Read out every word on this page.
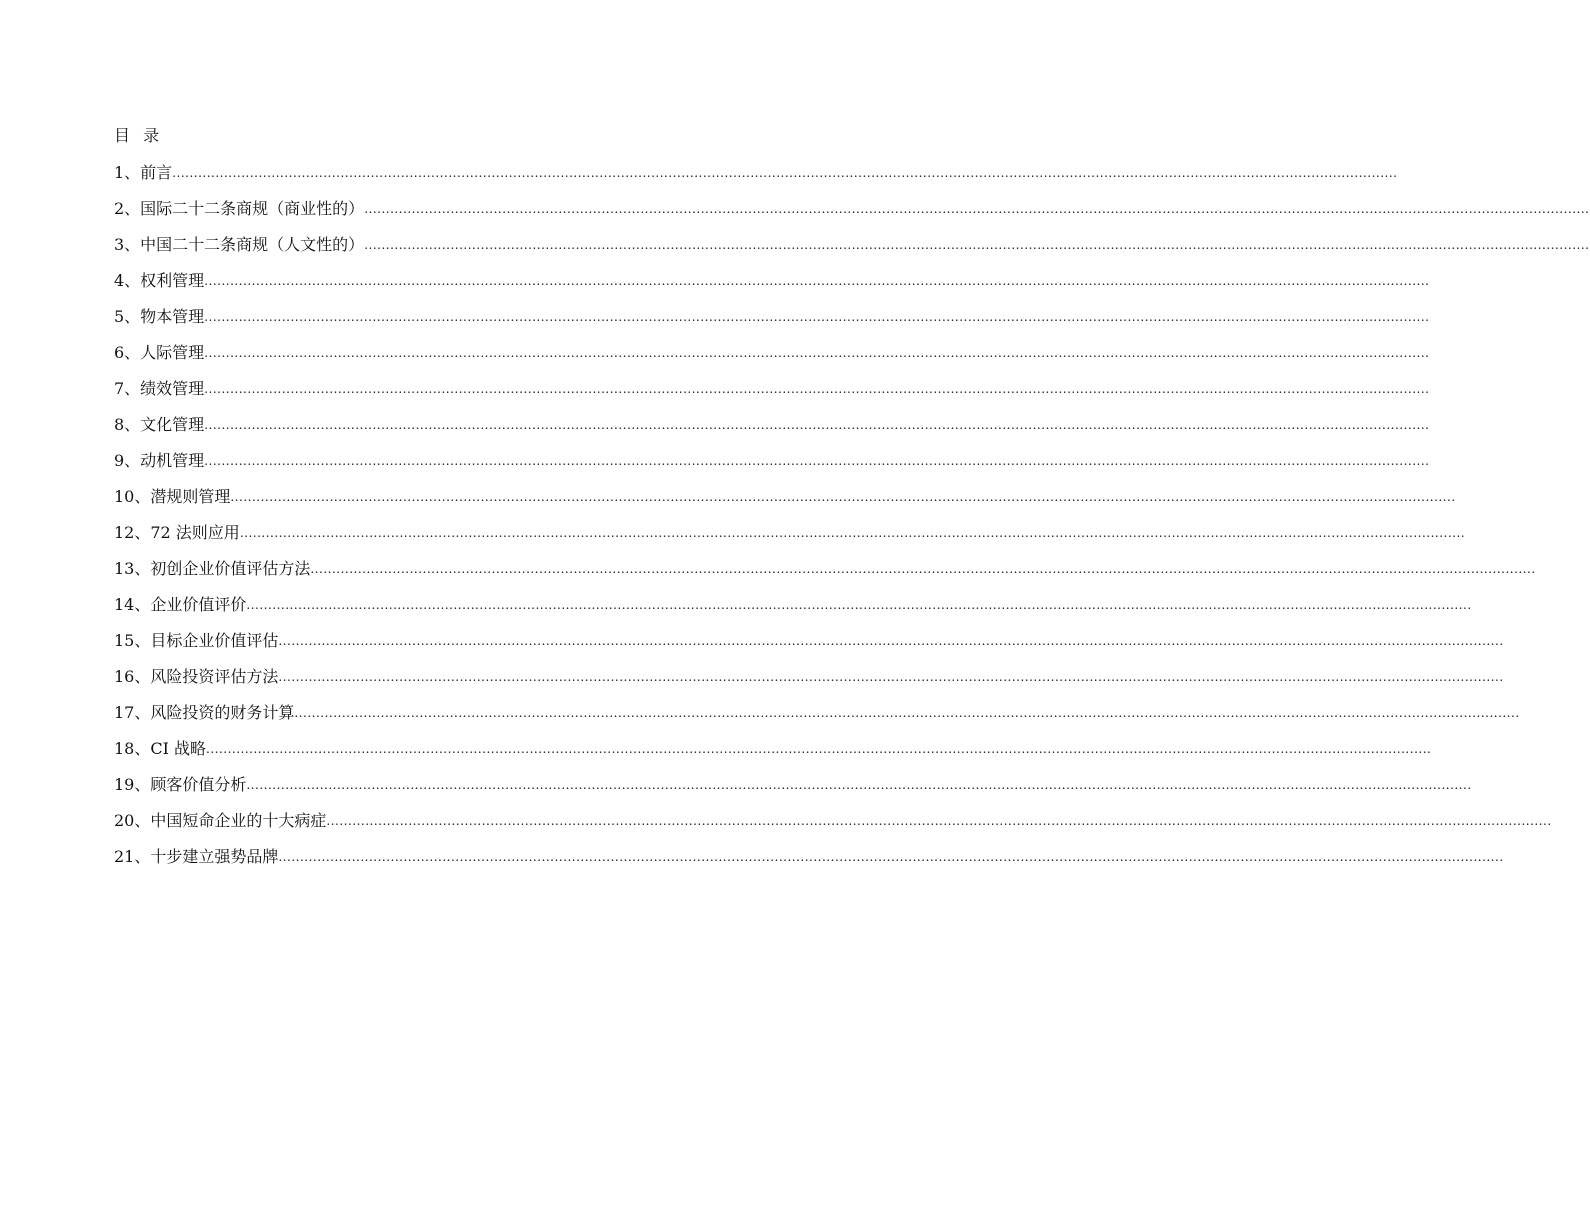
目 录
1、前言............................................................................................................................................................................................................................................................................................
2、国际二十二条商规（商业性的）............................................................................................................................................................................................................................................................................................
3、中国二十二条商规（人文性的）............................................................................................................................................................................................................................................................................................
4、权利管理............................................................................................................................................................................................................................................................................................
5、物本管理............................................................................................................................................................................................................................................................................................
6、人际管理............................................................................................................................................................................................................................................................................................
7、绩效管理............................................................................................................................................................................................................................................................................................
8、文化管理............................................................................................................................................................................................................................................................................................
9、动机管理............................................................................................................................................................................................................................................................................................
10、潜规则管理............................................................................................................................................................................................................................................................................................
12、72 法则应用............................................................................................................................................................................................................................................................................................
13、初创企业价值评估方法............................................................................................................................................................................................................................................................................................
14、企业价值评价............................................................................................................................................................................................................................................................................................
15、目标企业价值评估............................................................................................................................................................................................................................................................................................
16、风险投资评估方法............................................................................................................................................................................................................................................................................................
17、风险投资的财务计算............................................................................................................................................................................................................................................................................................
18、CI 战略............................................................................................................................................................................................................................................................................................
19、顾客价值分析............................................................................................................................................................................................................................................................................................
20、中国短命企业的十大病症............................................................................................................................................................................................................................................................................................
21、十步建立强势品牌............................................................................................................................................................................................................................................................................................
